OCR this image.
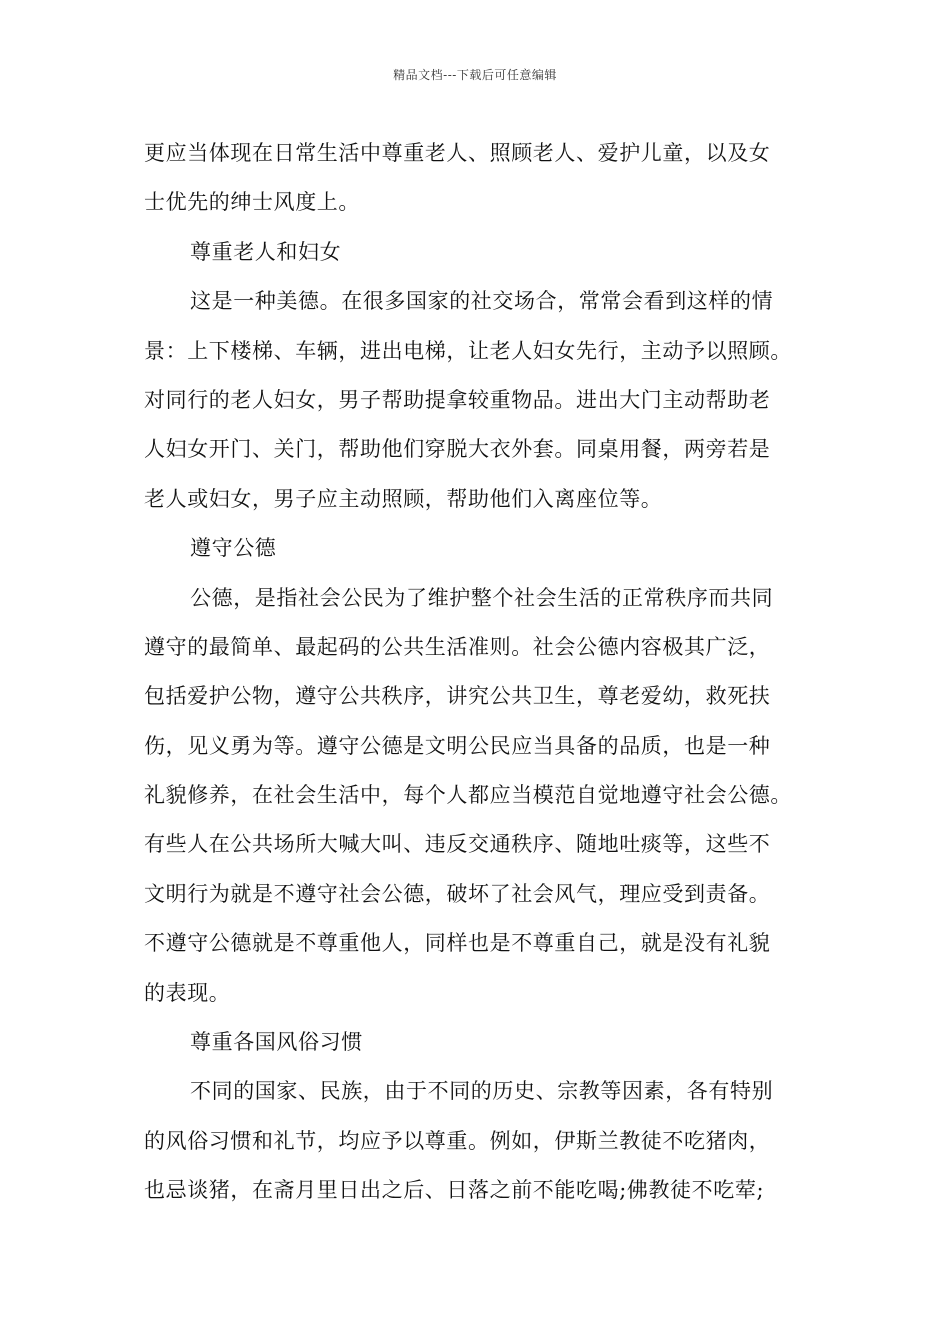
精品文档---下载后可任意编辑
更应当体现在日常生活中尊重老人、照顾老人、爱护儿童，以及女
士优先的绅士风度上。
尊重老人和妇女
这是一种美德。在很多国家的社交场合，常常会看到这样的情
景：上下楼梯、车辆，进出电梯，让老人妇女先行，主动予以照顾。
对同行的老人妇女，男子帮助提拿较重物品。进出大门主动帮助老
人妇女开门、关门，帮助他们穿脱大衣外套。同桌用餐，两旁若是
老人或妇女，男子应主动照顾，帮助他们入离座位等。
遵守公德
公德，是指社会公民为了维护整个社会生活的正常秩序而共同
遵守的最简单、最起码的公共生活准则。社会公德内容极其广泛，
包括爱护公物，遵守公共秩序，讲究公共卫生，尊老爱幼，救死扶
伤，见义勇为等。遵守公德是文明公民应当具备的品质，也是一种
礼貌修养，在社会生活中，每个人都应当模范自觉地遵守社会公德。
有些人在公共场所大喊大叫、违反交通秩序、随地吐痰等，这些不
文明行为就是不遵守社会公德，破坏了社会风气，理应受到责备。
不遵守公德就是不尊重他人，同样也是不尊重自己，就是没有礼貌
的表现。
尊重各国风俗习惯
不同的国家、民族，由于不同的历史、宗教等因素，各有特别
的风俗习惯和礼节，均应予以尊重。例如，伊斯兰教徒不吃猪肉，
也忌谈猪，在斋月里日出之后、日落之前不能吃喝;佛教徒不吃荤;
